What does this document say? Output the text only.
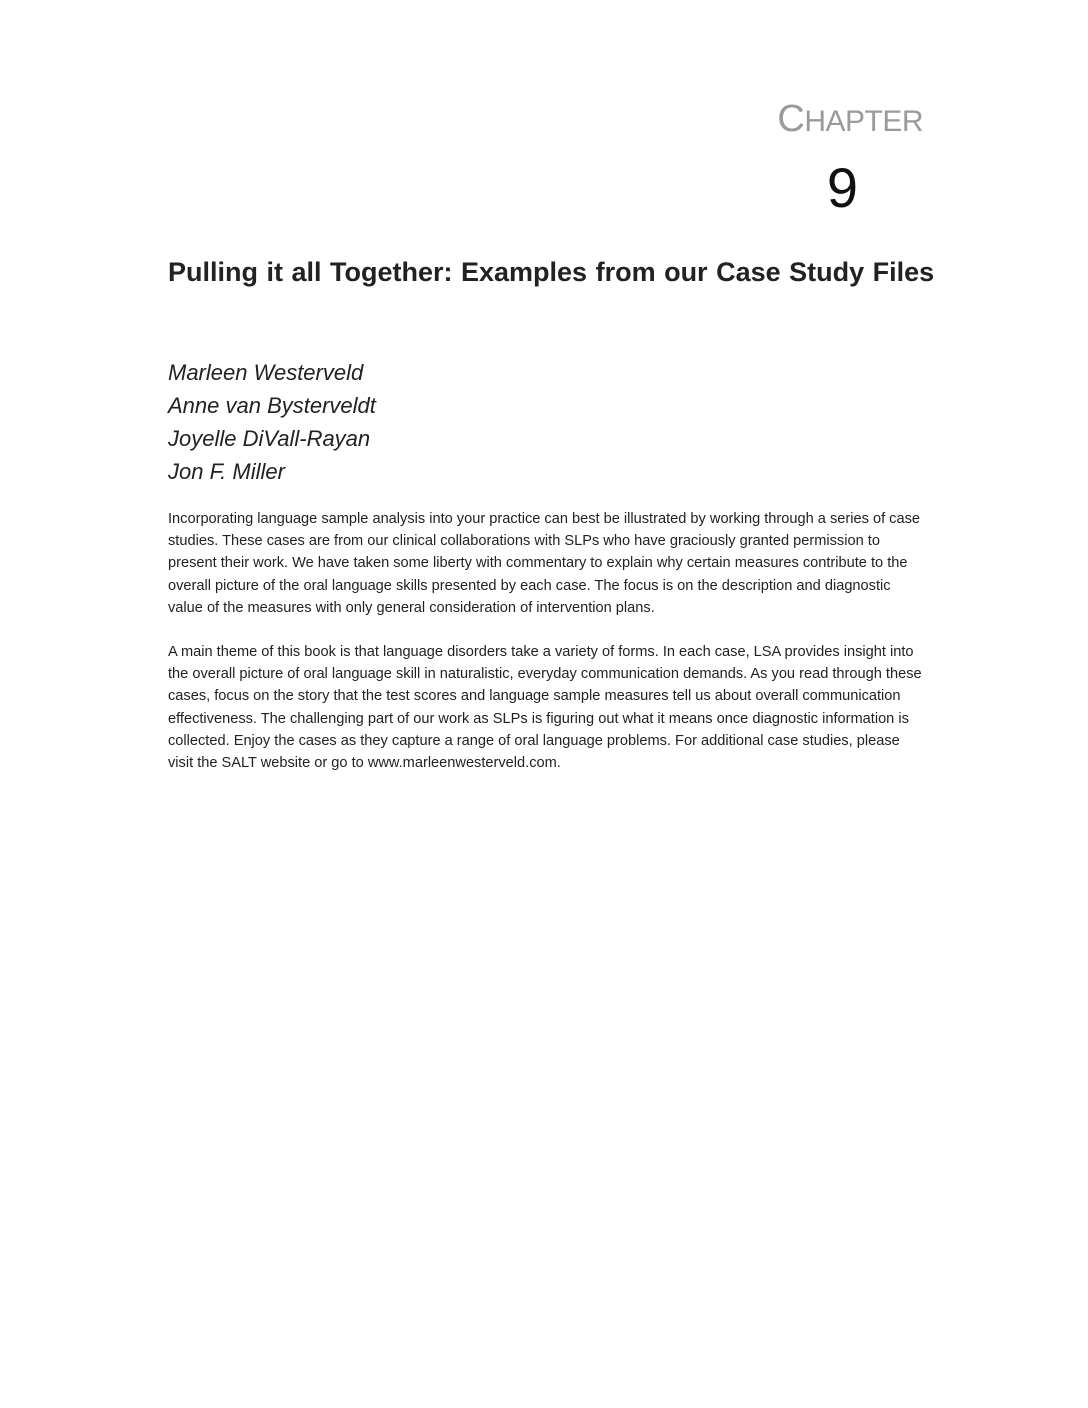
CHAPTER
9
Pulling it all Together: Examples from our Case Study Files
Marleen Westerveld
Anne van Bysterveldt
Joyelle DiVall-Rayan
Jon F. Miller

Incorporating language sample analysis into your practice can best be illustrated by working through a series of case studies. These cases are from our clinical collaborations with SLPs who have graciously granted permission to present their work. We have taken some liberty with commentary to explain why certain measures contribute to the overall picture of the oral language skills presented by each case. The focus is on the description and diagnostic value of the measures with only general consideration of intervention plans.

A main theme of this book is that language disorders take a variety of forms. In each case, LSA provides insight into the overall picture of oral language skill in naturalistic, everyday communication demands. As you read through these cases, focus on the story that the test scores and language sample measures tell us about overall communication effectiveness. The challenging part of our work as SLPs is figuring out what it means once diagnostic information is collected. Enjoy the cases as they capture a range of oral language problems. For additional case studies, please visit the SALT website or go to www.marleenwesterveld.com.
